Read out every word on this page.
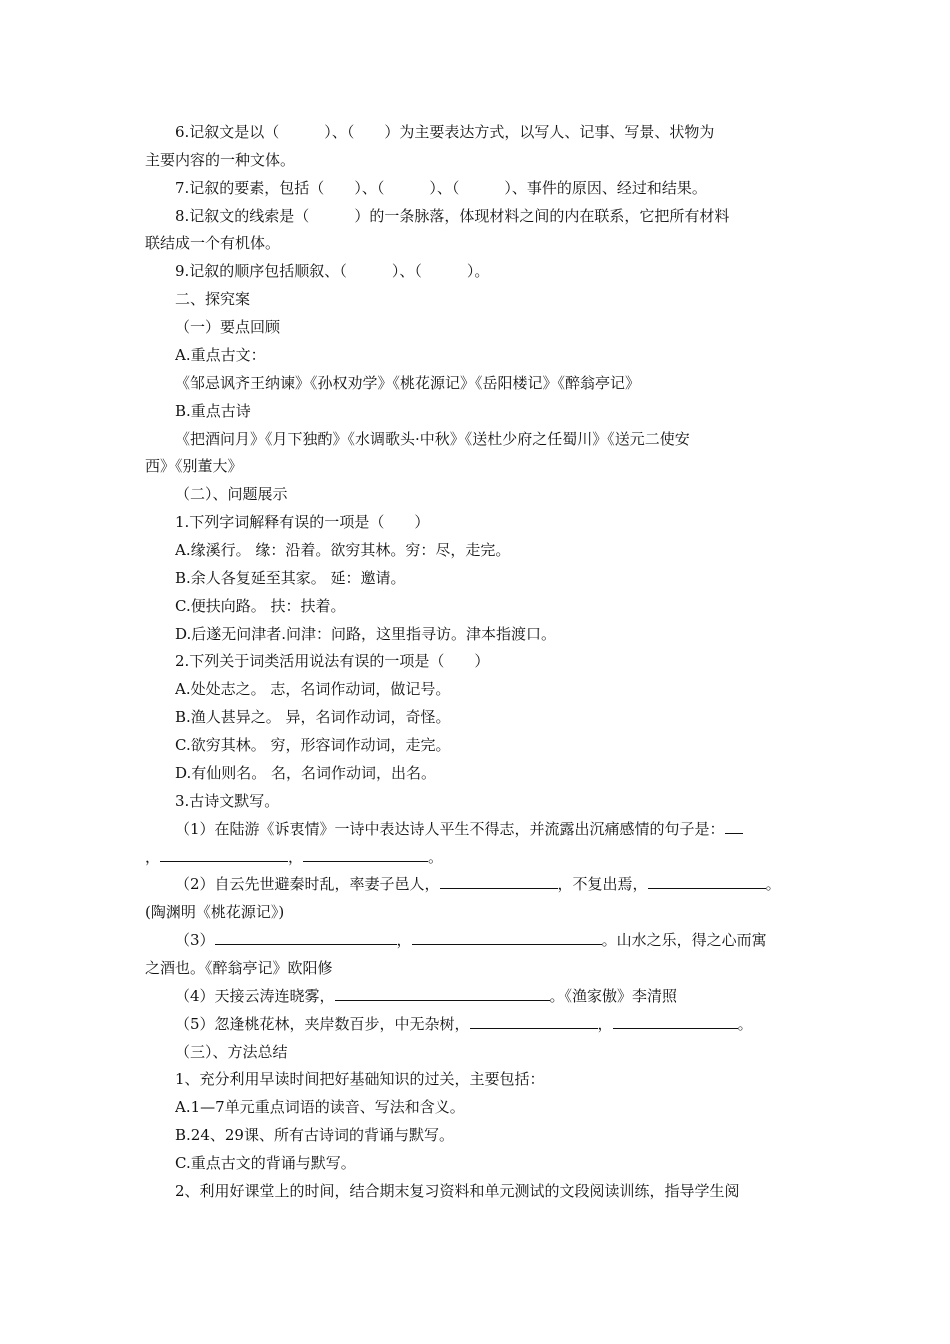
6.记叙文是以（　　　）、（　　）为主要表达方式，以写人、记事、写景、状物为
主要内容的一种文体。
7.记叙的要素，包括（　　）、（　　　）、（　　　）、事件的原因、经过和结果。
8.记叙文的线索是（　　　）的一条脉落，体现材料之间的内在联系，它把所有材料
联结成一个有机体。
9.记叙的顺序包括顺叙、（　　　）、（　　　）。
二、探究案
（一）要点回顾
A.重点古文：
《邹忌讽齐王纳谏》《孙权劝学》《桃花源记》《岳阳楼记》《醉翁亭记》
B.重点古诗
《把酒问月》《月下独酌》《水调歌头·中秋》《送杜少府之任蜀川》《送元二使安
西》《别董大》
（二）、问题展示
1.下列字词解释有误的一项是（　　）
A.缘溪行。 缘：沿着。欲穷其林。穷：尽，走完。
B.余人各复延至其家。 延：邀请。
C.便扶向路。 扶：扶着。
D.后遂无问津者.问津：问路，这里指寻访。津本指渡口。
2.下列关于词类活用说法有误的一项是（　　）
A.处处志之。 志，名词作动词，做记号。
B.渔人甚异之。 异，名词作动词，奇怪。
C.欲穷其林。 穷，形容词作动词，走完。
D.有仙则名。 名，名词作动词，出名。
3.古诗文默写。
（1）在陆游《诉衷情》一诗中表达诗人平生不得志，并流露出沉痛感情的句子是：
，	，	。
（2）自云先世避秦时乱，率妻子邑人，	，不复出焉，	。
(陶渊明《桃花源记》)
（3）	，	。山水之乐，得之心而寓
之酒也。《醉翁亭记》欧阳修
（4）天接云涛连晓雾，	。《渔家傲》李清照
（5）忽逢桃花林，夹岸数百步，中无杂树，	，	。
（三）、方法总结
1、充分利用早读时间把好基础知识的过关，主要包括：
A.1—7单元重点词语的读音、写法和含义。
B.24、29课、所有古诗词的背诵与默写。
C.重点古文的背诵与默写。
2、利用好课堂上的时间，结合期末复习资料和单元测试的文段阅读训练，指导学生阅
